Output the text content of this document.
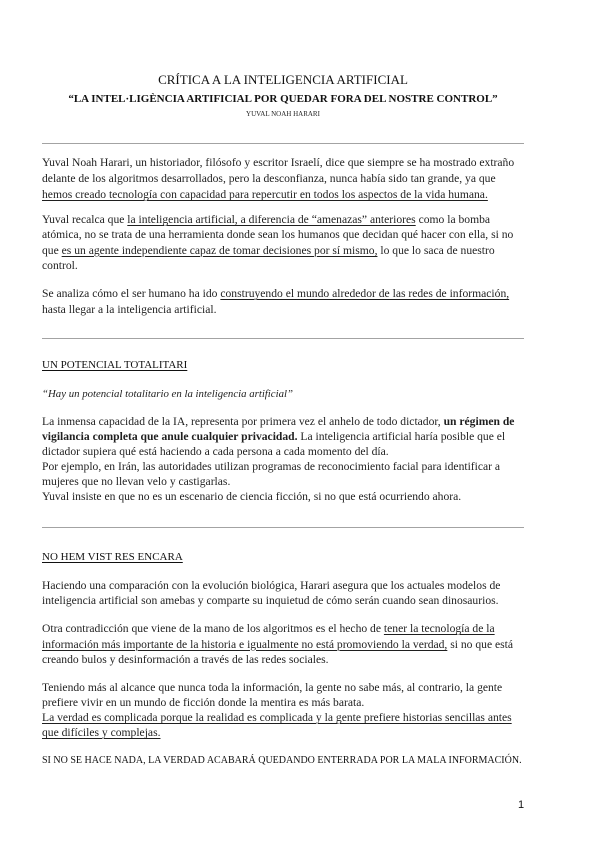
CRÍTICA A LA INTELIGENCIA ARTIFICIAL
“LA INTEL·LIGÈNCIA ARTIFICIAL POR QUEDAR FORA DEL NOSTRE CONTROL”
YUVAL NOAH HARARI
Yuval Noah Harari, un historiador, filósofo y escritor Israelí, dice que siempre se ha mostrado extraño
delante de los algoritmos desarrollados, pero la desconfianza, nunca había sido tan grande, ya que
hemos creado tecnología con capacidad para repercutir en todos los aspectos de la vida humana.
Yuval recalca que la inteligencia artificial, a diferencia de “amenazas” anteriores como la bomba
atómica, no se trata de una herramienta donde sean los humanos que decidan qué hacer con ella, si no
que es un agente independiente capaz de tomar decisiones por sí mismo, lo que lo saca de nuestro
control.
Se analiza cómo el ser humano ha ido construyendo el mundo alrededor de las redes de información,
hasta llegar a la inteligencia artificial.
UN POTENCIAL TOTALITARI
“Hay un potencial totalitario en la inteligencia artificial”
La inmensa capacidad de la IA, representa por primera vez el anhelo de todo dictador, un régimen de
vigilancia completa que anule cualquier privacidad. La inteligencia artificial haría posible que el
dictador supiera qué está haciendo a cada persona a cada momento del día.
Por ejemplo, en Irán, las autoridades utilizan programas de reconocimiento facial para identificar a
mujeres que no llevan velo y castigarlas.
Yuval insiste en que no es un escenario de ciencia ficción, si no que está ocurriendo ahora.
NO HEM VIST RES ENCARA
Haciendo una comparación con la evolución biológica, Harari asegura que los actuales modelos de
inteligencia artificial son amebas y comparte su inquietud de cómo serán cuando sean dinosaurios.
Otra contradicción que viene de la mano de los algoritmos es el hecho de tener la tecnología de la
información más importante de la historia e igualmente no está promoviendo la verdad, si no que está
creando bulos y desinformación a través de las redes sociales.
Teniendo más al alcance que nunca toda la información, la gente no sabe más, al contrario, la gente
prefiere vivir en un mundo de ficción donde la mentira es más barata.
La verdad es complicada porque la realidad es complicada y la gente prefiere historias sencillas antes
que difíciles y complejas.
SI NO SE HACE NADA, LA VERDAD ACABARÁ QUEDANDO ENTERRADA POR LA MALA INFORMACIÓN.
1
